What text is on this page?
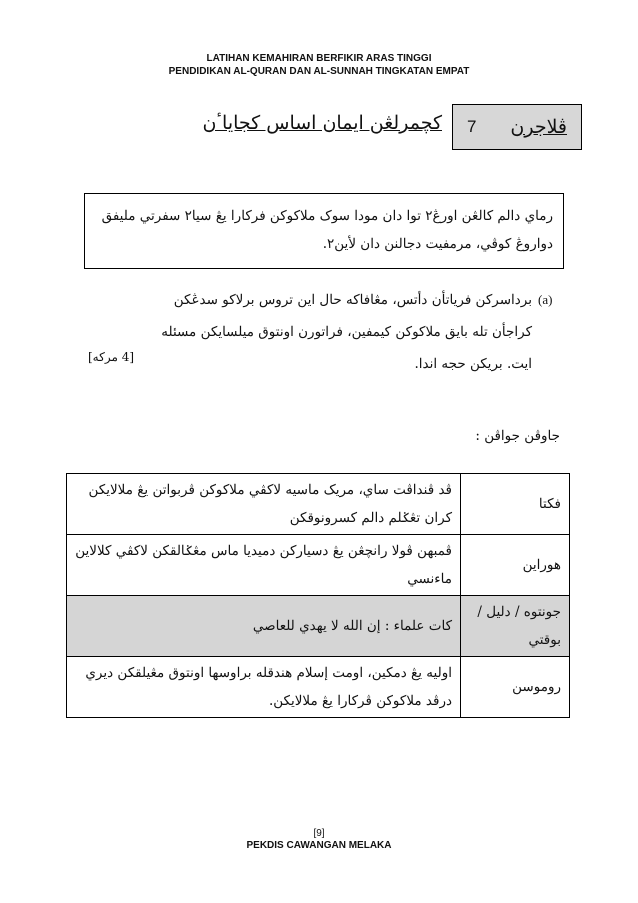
LATIHAN KEMAHIRAN BERFIKIR ARAS TINGGI
PENDIDIKAN AL-QURAN DAN AL-SUNNAH TINGKATAN EMPAT
ڤلاجرن
7
کچمرلڠن ايمان اساس کجاياٴن
رماي دالم کالڠن اورڠ٢ توا دان مودا سوک ملاکوکن فرکارا يڠ سيا٢ سفرتي مليفق دواروڠ کوڤي، مرمفيت دجالنن دان لأين٢.
(a)
برداسرکن فرياتأن دأتس، مڠافاکه حال اين تروس برلاکو سدڠکن کراجأن تله بايق ملاکوکن کيمفين، فراتورن اونتوق ميلسايکن مسئله ايت. بريکن حجه اندا.
[4 مرکه]
جاوڤن جواڤن :
فکتا	ڤد ڤنداڤت ساي، مريک ماسيه لاکڤي ملاکوکن ڤربواتن يڠ ملالايکن کران تڠݢلم دالم کسرونوقکن
هوراين	ڤمبهن ڤولا رانچڠن يڠ دسيارکن دميديا ماس مڠݢالقکن لاکڤي کلالاين ماءنسي
جونتوه / دليل / بوقتي	کات علماء : إن الله لا يهدي للعاصي
روموسن	اوليه يڠ دمکين، اومت إسلام هندقله براوسها اونتوق مڠيلقکن ديري درڤد ملاکوکن ڤرکارا يڠ ملالايکن.
[9]
PEKDIS CAWANGAN MELAKA
